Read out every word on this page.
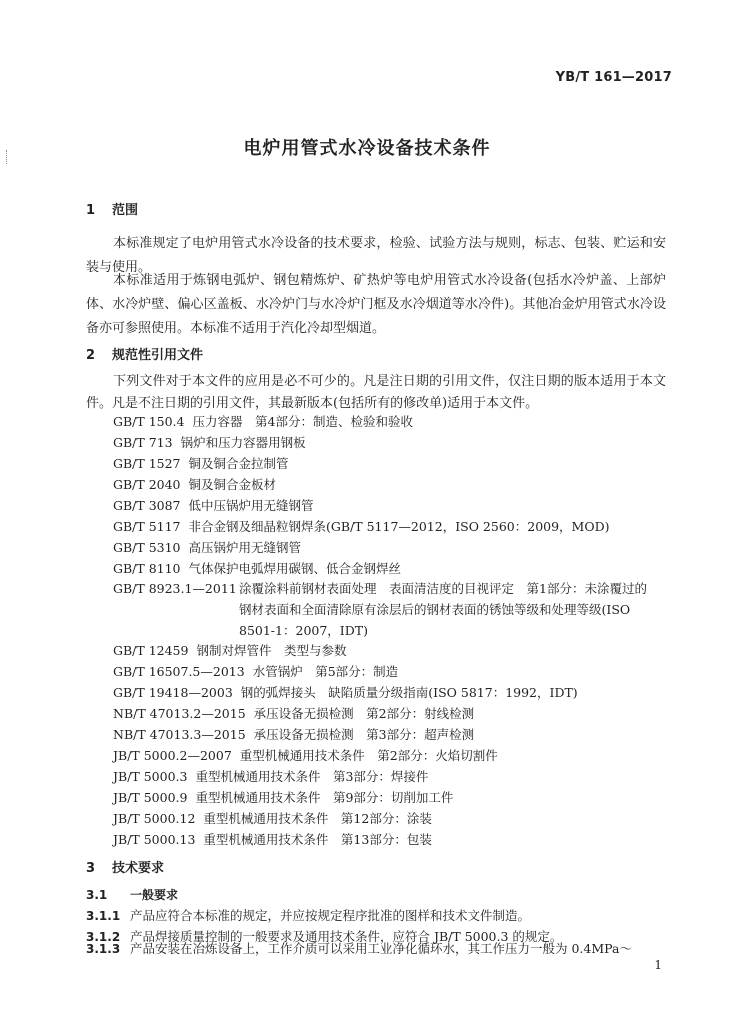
YB/T 161—2017
电炉用管式水冷设备技术条件
1 范围
本标准规定了电炉用管式水冷设备的技术要求，检验、试验方法与规则，标志、包装、贮运和安装与使用。
本标准适用于炼钢电弧炉、钢包精炼炉、矿热炉等电炉用管式水冷设备(包括水冷炉盖、上部炉体、水冷炉壁、偏心区盖板、水冷炉门与水冷炉门框及水冷烟道等水冷件)。其他冶金炉用管式水冷设备亦可参照使用。本标准不适用于汽化冷却型烟道。
2 规范性引用文件
下列文件对于本文件的应用是必不可少的。凡是注日期的引用文件，仅注日期的版本适用于本文件。凡是不注日期的引用文件，其最新版本(包括所有的修改单)适用于本文件。
GB/T 150.4 压力容器　第4部分：制造、检验和验收
GB/T 713 锅炉和压力容器用钢板
GB/T 1527 铜及铜合金拉制管
GB/T 2040 铜及铜合金板材
GB/T 3087 低中压锅炉用无缝钢管
GB/T 5117 非合金钢及细晶粒钢焊条(GB/T 5117—2012，ISO 2560：2009，MOD)
GB/T 5310 高压锅炉用无缝钢管
GB/T 8110 气体保护电弧焊用碳钢、低合金钢焊丝
GB/T 8923.1—2011 涂覆涂料前钢材表面处理　表面清洁度的目视评定　第1部分：未涂覆过的
钢材表面和全面清除原有涂层后的钢材表面的锈蚀等级和处理等级(ISO
8501-1：2007，IDT)
GB/T 12459 钢制对焊管件　类型与参数
GB/T 16507.5—2013 水管锅炉　第5部分：制造
GB/T 19418—2003 钢的弧焊接头　缺陷质量分级指南(ISO 5817：1992，IDT)
NB/T 47013.2—2015 承压设备无损检测　第2部分：射线检测
NB/T 47013.3—2015 承压设备无损检测　第3部分：超声检测
JB/T 5000.2—2007 重型机械通用技术条件　第2部分：火焰切割件
JB/T 5000.3 重型机械通用技术条件　第3部分：焊接件
JB/T 5000.9 重型机械通用技术条件　第9部分：切削加工件
JB/T 5000.12 重型机械通用技术条件　第12部分：涂装
JB/T 5000.13 重型机械通用技术条件　第13部分：包装
3 技术要求
3.1 一般要求
3.1.1 产品应符合本标准的规定，并应按规定程序批准的图样和技术文件制造。
3.1.2 产品焊接质量控制的一般要求及通用技术条件，应符合 JB/T 5000.3 的规定。
3.1.3 产品安装在冶炼设备上，工作介质可以采用工业净化循环水，其工作压力一般为 0.4MPa～
1
